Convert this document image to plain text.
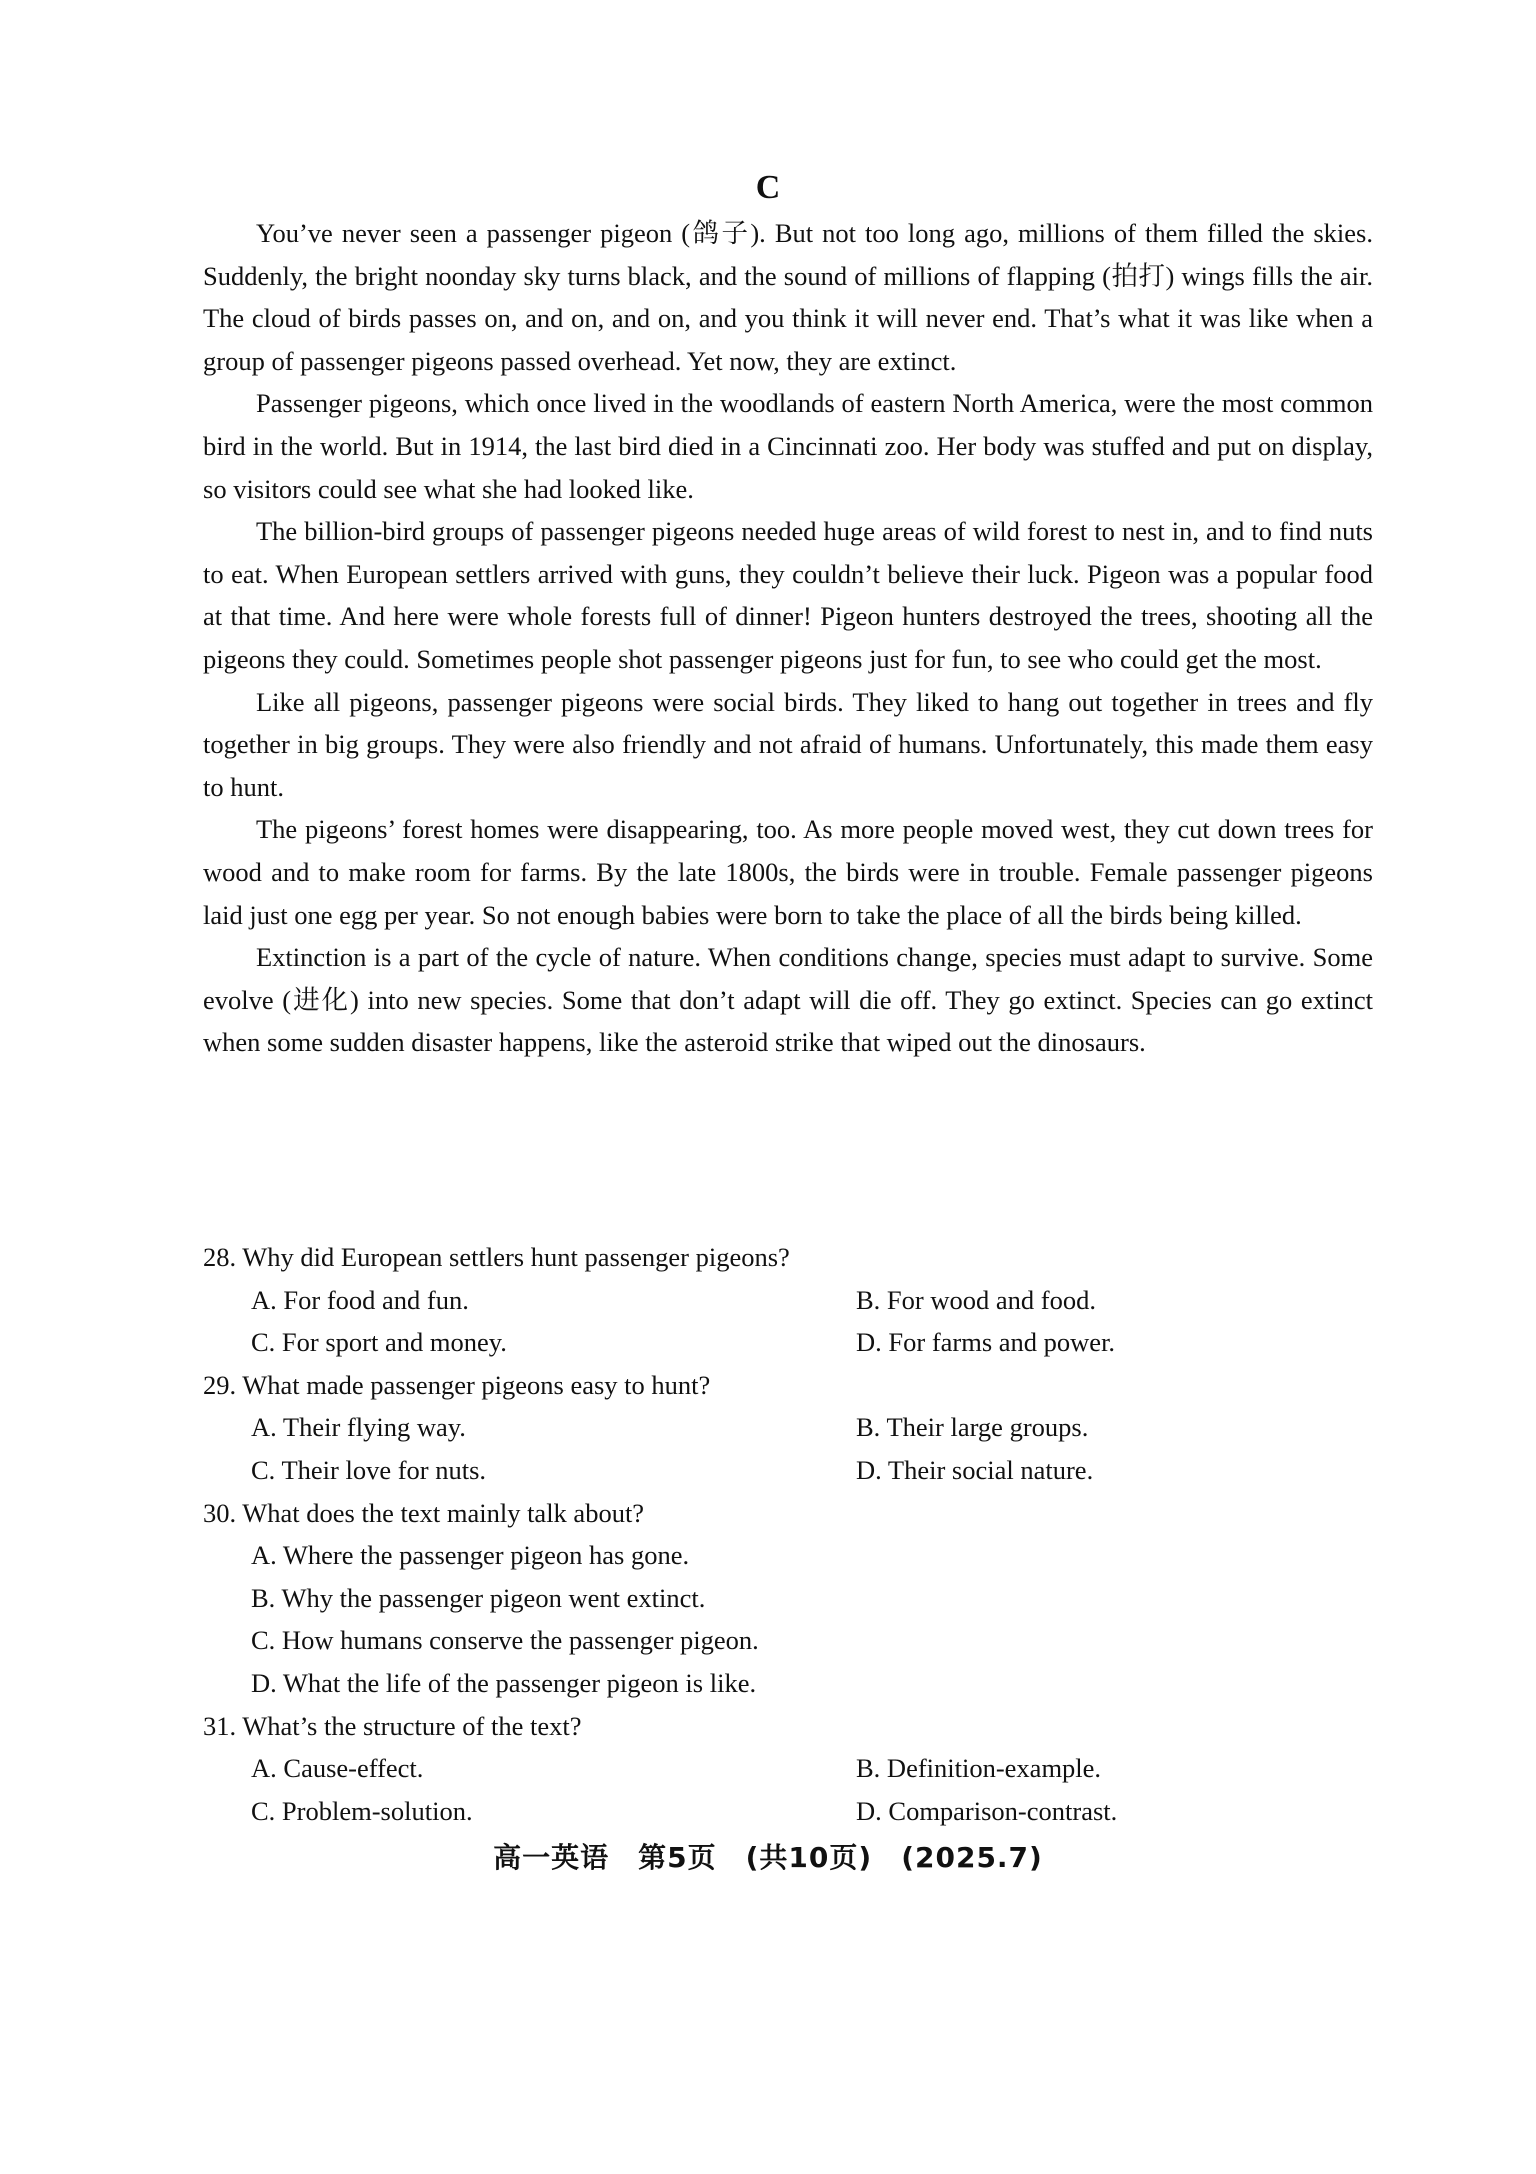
C

You’ve never seen a passenger pigeon (鸽子). But not too long ago, millions of them filled the skies. Suddenly, the bright noonday sky turns black, and the sound of millions of flapping (拍打) wings fills the air. The cloud of birds passes on, and on, and on, and you think it will never end. That’s what it was like when a group of passenger pigeons passed overhead. Yet now, they are extinct.

Passenger pigeons, which once lived in the woodlands of eastern North America, were the most common bird in the world. But in 1914, the last bird died in a Cincinnati zoo. Her body was stuffed and put on display, so visitors could see what she had looked like.

The billion-bird groups of passenger pigeons needed huge areas of wild forest to nest in, and to find nuts to eat. When European settlers arrived with guns, they couldn’t believe their luck. Pigeon was a popular food at that time. And here were whole forests full of dinner! Pigeon hunters destroyed the trees, shooting all the pigeons they could. Sometimes people shot passenger pigeons just for fun, to see who could get the most.

Like all pigeons, passenger pigeons were social birds. They liked to hang out together in trees and fly together in big groups. They were also friendly and not afraid of humans. Unfortunately, this made them easy to hunt.

The pigeons’ forest homes were disappearing, too. As more people moved west, they cut down trees for wood and to make room for farms. By the late 1800s, the birds were in trouble. Female passenger pigeons laid just one egg per year. So not enough babies were born to take the place of all the birds being killed.

Extinction is a part of the cycle of nature. When conditions change, species must adapt to survive. Some evolve (进化) into new species. Some that don’t adapt will die off. They go extinct. Species can go extinct when some sudden disaster happens, like the asteroid strike that wiped out the dinosaurs.

28. Why did European settlers hunt passenger pigeons?
A. For food and fun.	B. For wood and food.
C. For sport and money.	D. For farms and power.
29. What made passenger pigeons easy to hunt?
A. Their flying way.	B. Their large groups.
C. Their love for nuts.	D. Their social nature.
30. What does the text mainly talk about?
A. Where the passenger pigeon has gone.
B. Why the passenger pigeon went extinct.
C. How humans conserve the passenger pigeon.
D. What the life of the passenger pigeon is like.
31. What’s the structure of the text?
A. Cause-effect.	B. Definition-example.
C. Problem-solution.	D. Comparison-contrast.
高一英语　第5页　(共10页)　(2025.7)
